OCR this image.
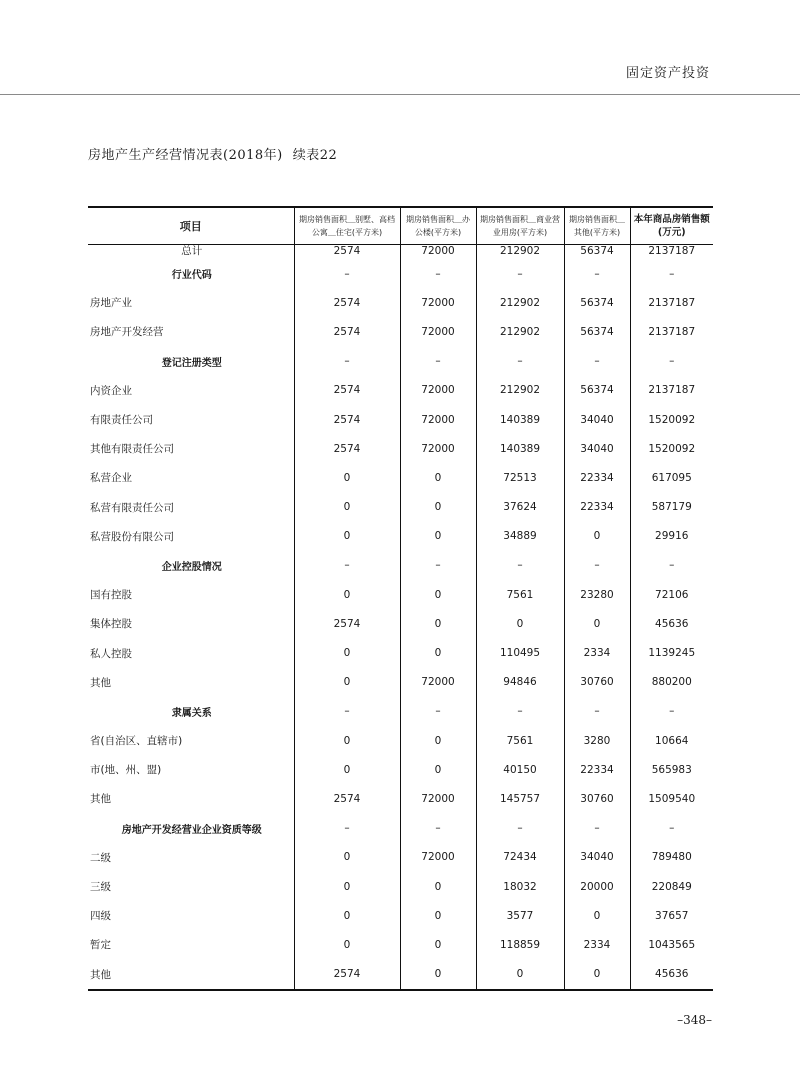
固定资产投资
房地产生产经营情况表(2018年) 续表22
项目	期房销售面积＿别墅、高档公寓＿住宅(平方米)	期房销售面积＿办公楼(平方米)	期房销售面积＿商业营业用房(平方米)	期房销售面积＿其他(平方米)	本年商品房销售额(万元)
总计	2574	72000	212902	56374	2137187
行业代码	–	–	–	–	–
房地产业	2574	72000	212902	56374	2137187
房地产开发经营	2574	72000	212902	56374	2137187
登记注册类型	–	–	–	–	–
内资企业	2574	72000	212902	56374	2137187
有限责任公司	2574	72000	140389	34040	1520092
其他有限责任公司	2574	72000	140389	34040	1520092
私营企业	0	0	72513	22334	617095
私营有限责任公司	0	0	37624	22334	587179
私营股份有限公司	0	0	34889	0	29916
企业控股情况	–	–	–	–	–
国有控股	0	0	7561	23280	72106
集体控股	2574	0	0	0	45636
私人控股	0	0	110495	2334	1139245
其他	0	72000	94846	30760	880200
隶属关系	–	–	–	–	–
省(自治区、直辖市)	0	0	7561	3280	10664
市(地、州、盟)	0	0	40150	22334	565983
其他	2574	72000	145757	30760	1509540
房地产开发经营业企业资质等级	–	–	–	–	–
二级	0	72000	72434	34040	789480
三级	0	0	18032	20000	220849
四级	0	0	3577	0	37657
暂定	0	0	118859	2334	1043565
其他	2574	0	0	0	45636
–348–
